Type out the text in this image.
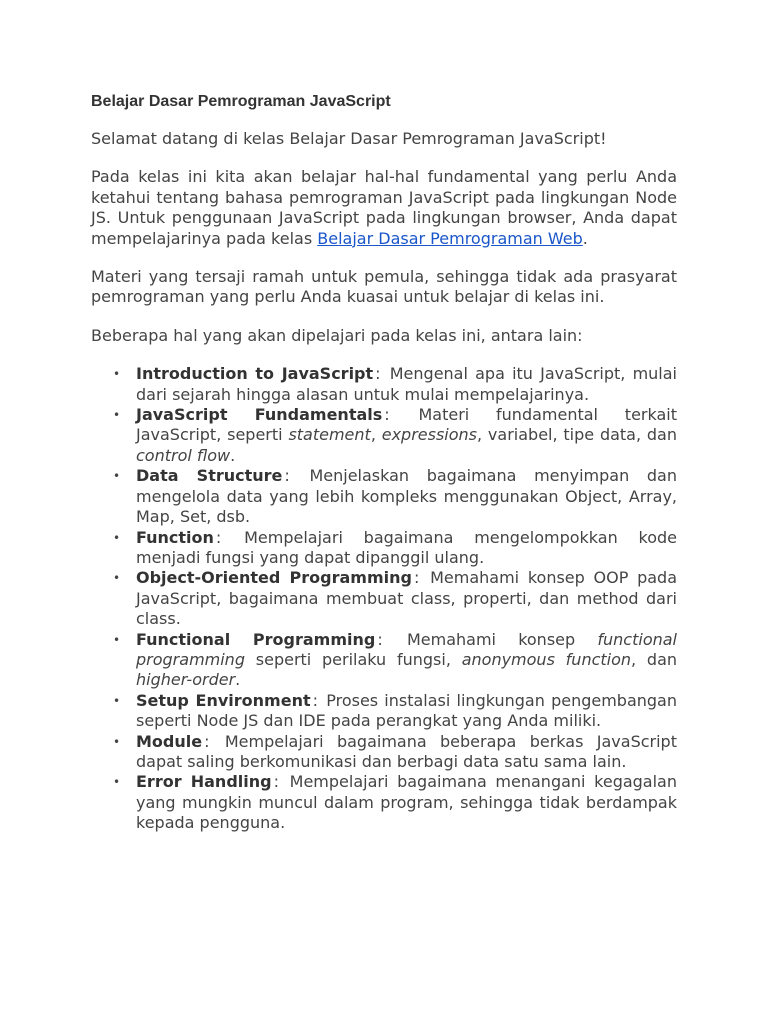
Belajar Dasar Pemrograman JavaScript

Selamat datang di kelas Belajar Dasar Pemrograman JavaScript!

Pada kelas ini kita akan belajar hal-hal fundamental yang perlu Anda ketahui tentang bahasa pemrograman JavaScript pada lingkungan Node JS. Untuk penggunaan JavaScript pada lingkungan browser, Anda dapat mempelajarinya pada kelas Belajar Dasar Pemrograman Web.

Materi yang tersaji ramah untuk pemula, sehingga tidak ada prasyarat pemrograman yang perlu Anda kuasai untuk belajar di kelas ini.

Beberapa hal yang akan dipelajari pada kelas ini, antara lain:

• Introduction to JavaScript : Mengenal apa itu JavaScript, mulai dari sejarah hingga alasan untuk mulai mempelajarinya.
• JavaScript Fundamentals : Materi fundamental terkait JavaScript, seperti statement, expressions, variabel, tipe data, dan control flow.
• Data Structure : Menjelaskan bagaimana menyimpan dan mengelola data yang lebih kompleks menggunakan Object, Array, Map, Set, dsb.
• Function : Mempelajari bagaimana mengelompokkan kode menjadi fungsi yang dapat dipanggil ulang.
• Object-Oriented Programming : Memahami konsep OOP pada JavaScript, bagaimana membuat class, properti, dan method dari class.
• Functional Programming : Memahami konsep functional programming seperti perilaku fungsi, anonymous function, dan higher-order.
• Setup Environment : Proses instalasi lingkungan pengembangan seperti Node JS dan IDE pada perangkat yang Anda miliki.
• Module : Mempelajari bagaimana beberapa berkas JavaScript dapat saling berkomunikasi dan berbagi data satu sama lain.
• Error Handling : Mempelajari bagaimana menangani kegagalan yang mungkin muncul dalam program, sehingga tidak berdampak kepada pengguna.
